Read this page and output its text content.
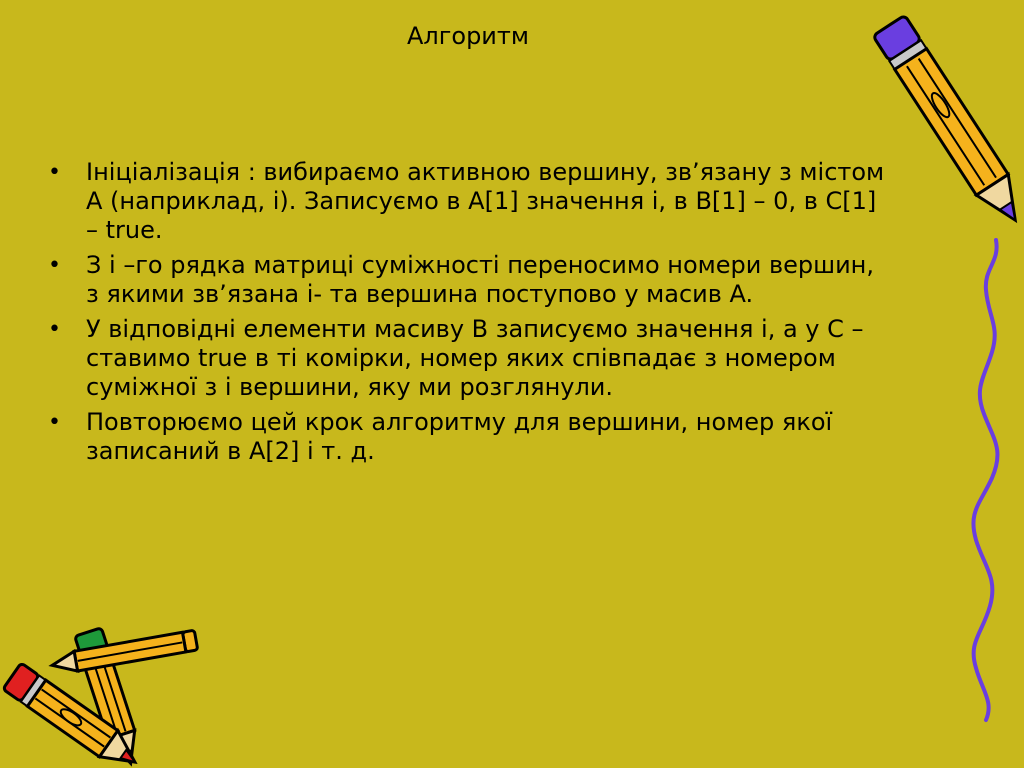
Алгоритм
• Ініціалізація : вибираємо активною вершину, зв’язану з містом A (наприклад, i). Записуємо в A[1] значення i, в B[1] – 0, в C[1] – true.
• З i –го рядка матриці суміжності переносимо номери вершин, з якими зв’язана i- та вершина поступово у масив A.
• У відповідні елементи масиву B записуємо значення i, а у C – ставимо true в ті комірки, номер яких співпадає з номером суміжної з i вершини, яку ми розглянули.
• Повторюємо цей крок алгоритму для вершини, номер якої записаний в A[2] і т. д.
